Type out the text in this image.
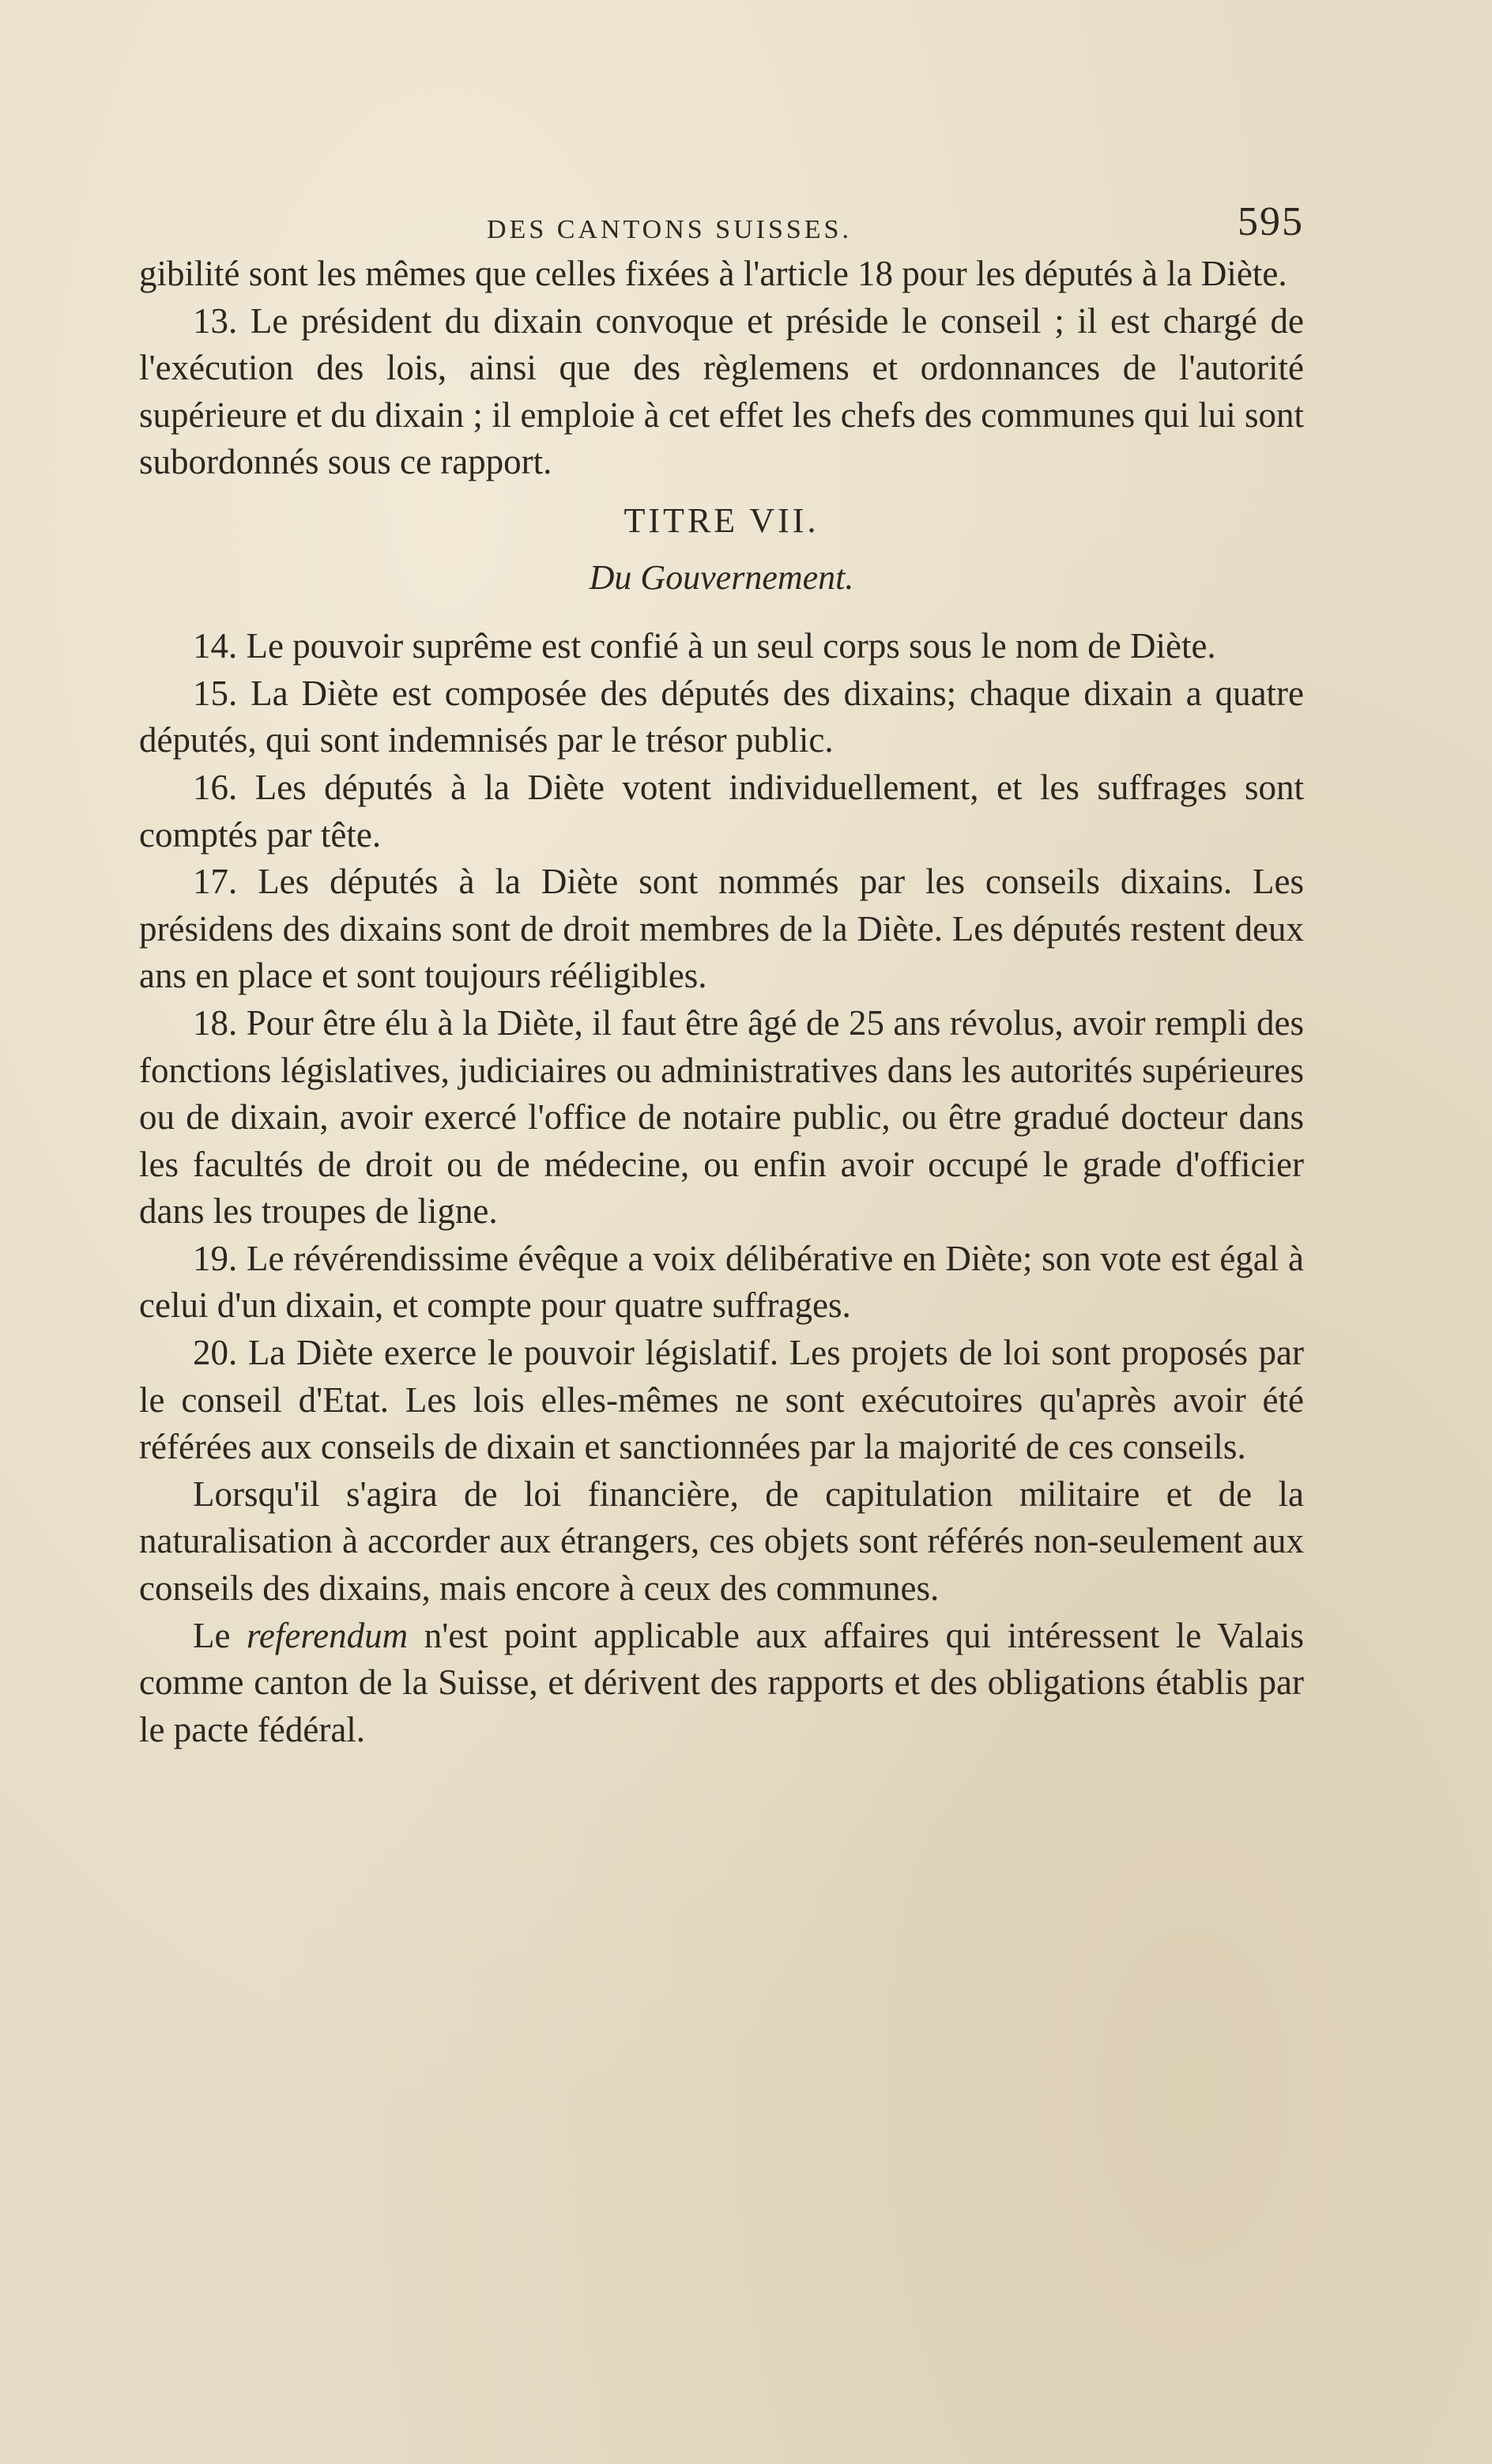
DES CANTONS SUISSES.	595

gibilité sont les mêmes que celles fixées à l'article 18 pour les députés à la Diète.

13. Le président du dixain convoque et préside le conseil ; il est chargé de l'exécution des lois, ainsi que des règlemens et ordonnances de l'autorité supérieure et du dixain ; il emploie à cet effet les chefs des communes qui lui sont subordonnés sous ce rapport.

TITRE VII.

Du Gouvernement.

14. Le pouvoir suprême est confié à un seul corps sous le nom de Diète.

15. La Diète est composée des députés des dixains; chaque dixain a quatre députés, qui sont indemnisés par le trésor public.

16. Les députés à la Diète votent individuellement, et les suffrages sont comptés par tête.

17. Les députés à la Diète sont nommés par les conseils dixains. Les présidens des dixains sont de droit membres de la Diète. Les députés restent deux ans en place et sont toujours rééligibles.

18. Pour être élu à la Diète, il faut être âgé de 25 ans révolus, avoir rempli des fonctions législatives, judiciaires ou administratives dans les autorités supérieures ou de dixain, avoir exercé l'office de notaire public, ou être gradué docteur dans les facultés de droit ou de médecine, ou enfin avoir occupé le grade d'officier dans les troupes de ligne.

19. Le révérendissime évêque a voix délibérative en Diète; son vote est égal à celui d'un dixain, et compte pour quatre suffrages.

20. La Diète exerce le pouvoir législatif. Les projets de loi sont proposés par le conseil d'Etat. Les lois elles-mêmes ne sont exécutoires qu'après avoir été référées aux conseils de dixain et sanctionnées par la majorité de ces conseils.

Lorsqu'il s'agira de loi financière, de capitulation militaire et de la naturalisation à accorder aux étrangers, ces objets sont référés non-seulement aux conseils des dixains, mais encore à ceux des communes.

Le referendum n'est point applicable aux affaires qui intéressent le Valais comme canton de la Suisse, et dérivent des rapports et des obligations établis par le pacte fédéral.
